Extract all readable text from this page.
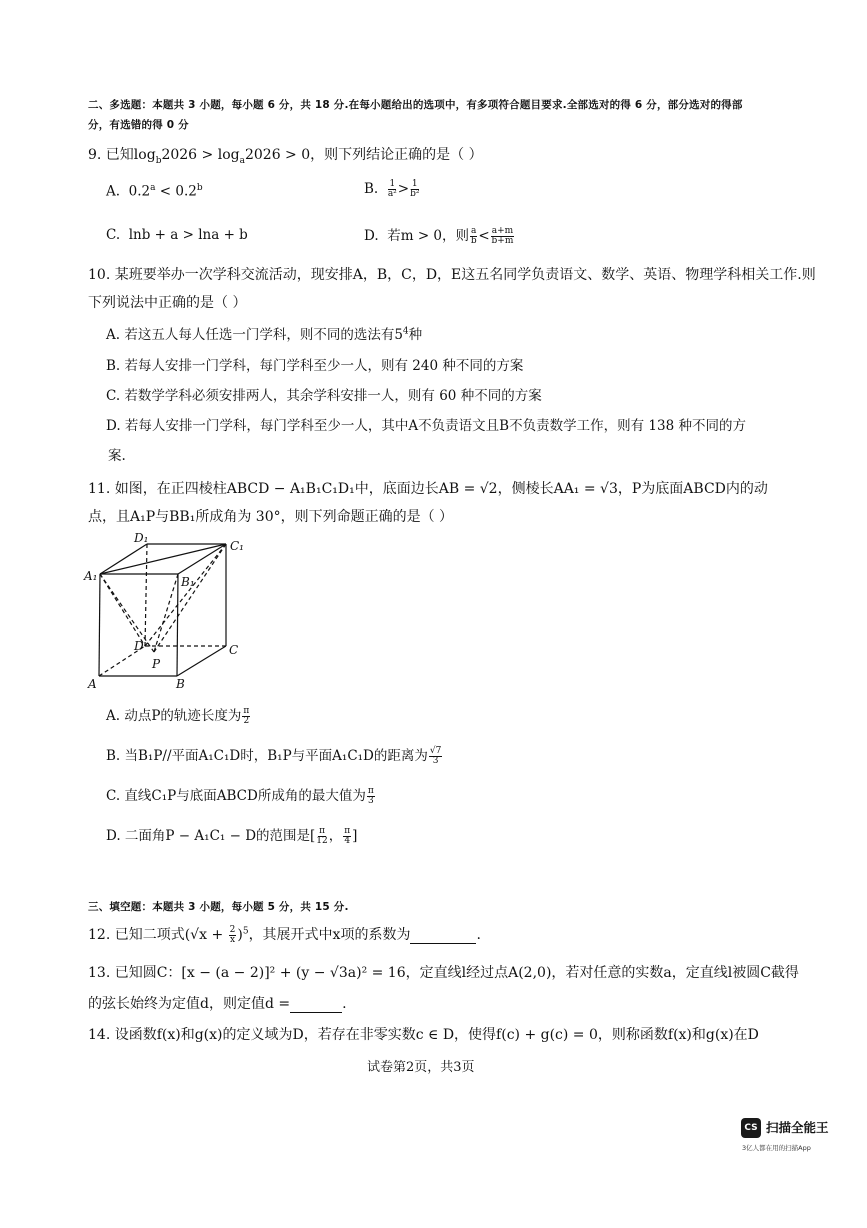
二、多选题：本题共 3 小题，每小题 6 分，共 18 分.在每小题给出的选项中，有多项符合题目要求.全部选对的得 6 分，部分选对的得部
分，有选错的得 0 分
9. 已知$\log_b2026 > \log_a2026 > 0$，则下列结论正确的是（ ）
A. 0.2$^a$ < 0.2$^b$	B. $\frac{1}{\text{a²}} > \frac{1}{\text{b²}}$
C. lnb + a > lna + b	D. 若m > 0，则 $\frac{a}{b} < \frac{a+m}{b+m}$
10. 某班要举办一次学科交流活动，现安排A，B，C，D，E这五名同学负责语文、数学、英语、物理学科相关工作.则
下列说法中正确的是（ ）
A. 若这五人每人任选一门学科，则不同的选法有$5^4$种
B. 若每人安排一门学科，每门学科至少一人，则有 240 种不同的方案
C. 若数学学科必须安排两人，其余学科安排一人，则有 60 种不同的方案
D. 若每人安排一门学科，每门学科至少一人，其中A不负责语文且B不负责数学工作，则有 138 种不同的方
案.
11. 如图，在正四棱柱ABCD − A₁B₁C₁D₁中，底面边长AB = √2，侧棱长AA₁ = √3，P为底面ABCD内的动
点，且A₁P与BB₁所成角为 30°，则下列命题正确的是（ ）
D₁
C₁
A₁	B₁
D	C
A	B
P
A. 动点P的轨迹长度为 $\frac{\pi}{2}$
B. 当B₁P//平面A₁C₁D时，B₁P与平面A₁C₁D的距离为 $\frac{√7}{3}$
C. 直线C₁P与底面ABCD所成角的最大值为 $\frac{\pi}{3}$
D. 二面角P − A₁C₁ − D的范围是[ $\frac{\pi}{12}$ ， $\frac{\pi}{4}$ ]
三、填空题：本题共 3 小题，每小题 5 分，共 15 分.
12. 已知二项式$(√x + \frac{2}{x} )^5$，其展开式中x项的系数为	.
13. 已知圆C：[x − (a − 2)]² + (y − √3a)² = 16，定直线l经过点A(2,0)，若对任意的实数a，定直线l被圆C截得
的弦长始终为定值d，则定值d =	.
14. 设函数f(x)和g(x)的定义域为D，若存在非零实数c ∈ D，使得f(c) + g(c) = 0，则称函数f(x)和g(x)在D
试卷第2页，共3页
CS 扫描全能王
3亿人都在用的扫描App
